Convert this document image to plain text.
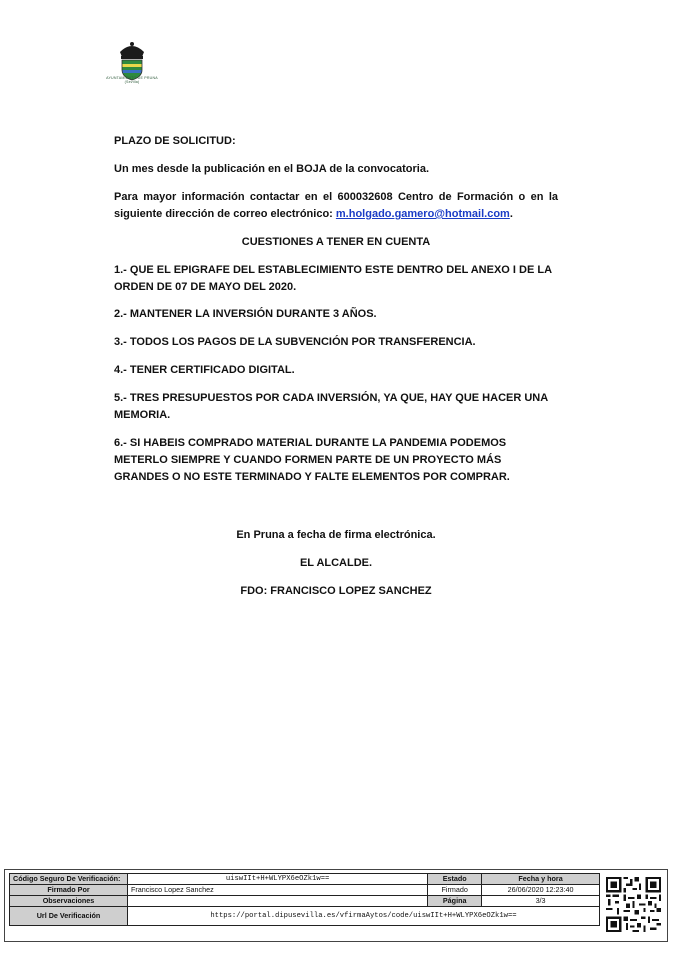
AYUNTAMIENTO DE PRUNA (Sevilla)

PLAZO DE SOLICITUD:

Un mes desde la publicación en el BOJA de la convocatoria.

Para mayor información contactar en el 600032608 Centro de Formación o en la siguiente dirección de correo electrónico: m.holgado.gamero@hotmail.com.

CUESTIONES A TENER EN CUENTA

1.- QUE EL EPIGRAFE DEL ESTABLECIMIENTO ESTE DENTRO DEL ANEXO I DE LA ORDEN DE 07 DE MAYO DEL 2020.

2.- MANTENER LA INVERSIÓN DURANTE 3 AÑOS.

3.- TODOS LOS PAGOS DE LA SUBVENCIÓN POR TRANSFERENCIA.

4.- TENER CERTIFICADO DIGITAL.

5.- TRES PRESUPUESTOS POR CADA INVERSIÓN, YA QUE, HAY QUE HACER UNA MEMORIA.

6.- SI HABEIS COMPRADO MATERIAL DURANTE LA PANDEMIA PODEMOS METERLO SIEMPRE Y CUANDO FORMEN PARTE DE UN PROYECTO MÁS GRANDES O NO ESTE TERMINADO Y FALTE ELEMENTOS POR COMPRAR.

En Pruna a fecha de firma electrónica.

EL ALCALDE.

FDO: FRANCISCO LOPEZ SANCHEZ

Código Seguro De Verificación:	uiswIIt+H+WLYPX6eOZk1w==	Estado	Fecha y hora
Firmado Por	Francisco Lopez Sanchez	Firmado	26/06/2020 12:23:40
Observaciones		Página	3/3
Url De Verificación	https://portal.dipusevilla.es/vfirmaAytos/code/uiswIIt+H+WLYPX6eOZk1w==		
